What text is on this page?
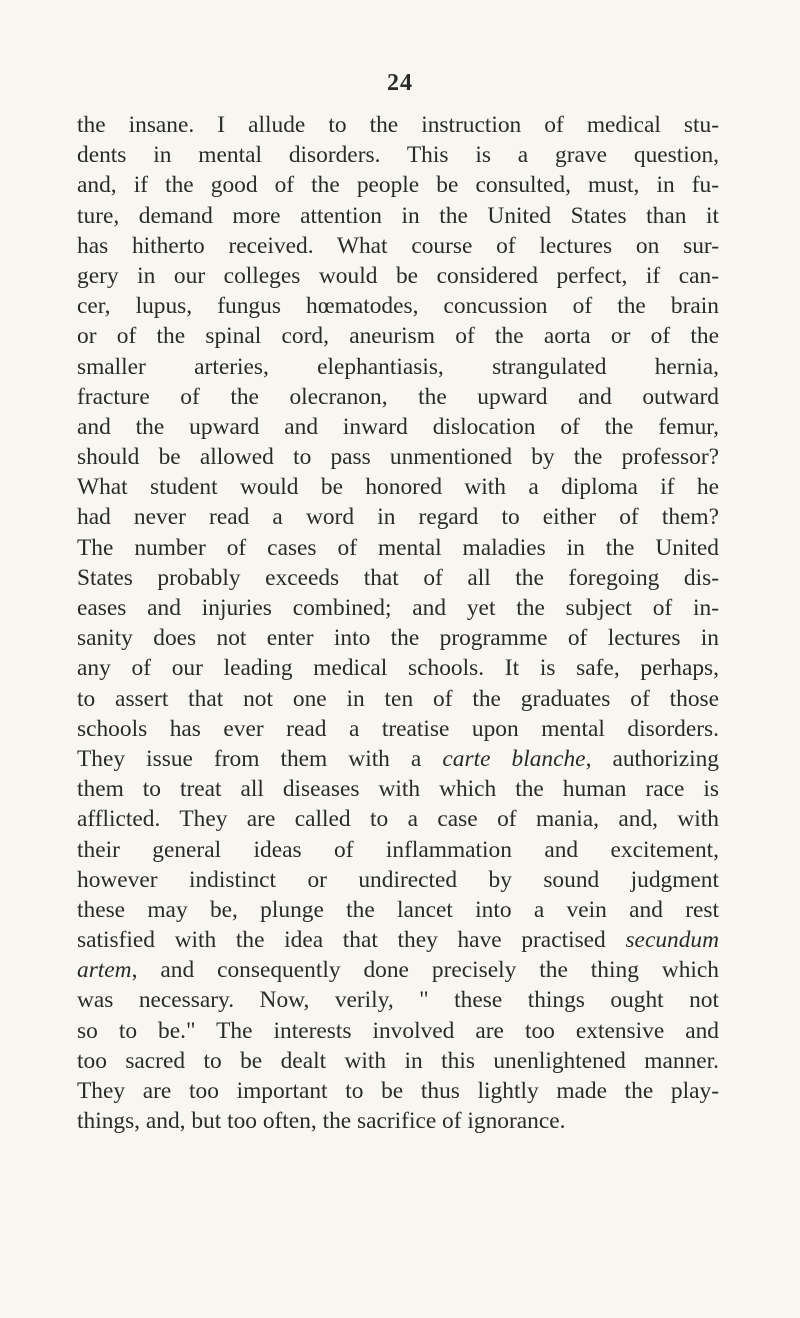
24
the insane. I allude to the instruction of medical stu-
dents in mental disorders. This is a grave question,
and, if the good of the people be consulted, must, in fu-
ture, demand more attention in the United States than it
has hitherto received. What course of lectures on sur-
gery in our colleges would be considered perfect, if can-
cer, lupus, fungus hœmatodes, concussion of the brain
or of the spinal cord, aneurism of the aorta or of the
smaller arteries, elephantiasis, strangulated hernia,
fracture of the olecranon, the upward and outward
and the upward and inward dislocation of the femur,
should be allowed to pass unmentioned by the professor?
What student would be honored with a diploma if he
had never read a word in regard to either of them?
The number of cases of mental maladies in the United
States probably exceeds that of all the foregoing dis-
eases and injuries combined; and yet the subject of in-
sanity does not enter into the programme of lectures in
any of our leading medical schools. It is safe, perhaps,
to assert that not one in ten of the graduates of those
schools has ever read a treatise upon mental disorders.
They issue from them with a carte blanche, authorizing
them to treat all diseases with which the human race is
afflicted. They are called to a case of mania, and, with
their general ideas of inflammation and excitement,
however indistinct or undirected by sound judgment
these may be, plunge the lancet into a vein and rest
satisfied with the idea that they have practised secundum
artem, and consequently done precisely the thing which
was necessary. Now, verily, " these things ought not
so to be." The interests involved are too extensive and
too sacred to be dealt with in this unenlightened manner.
They are too important to be thus lightly made the play-
things, and, but too often, the sacrifice of ignorance.
